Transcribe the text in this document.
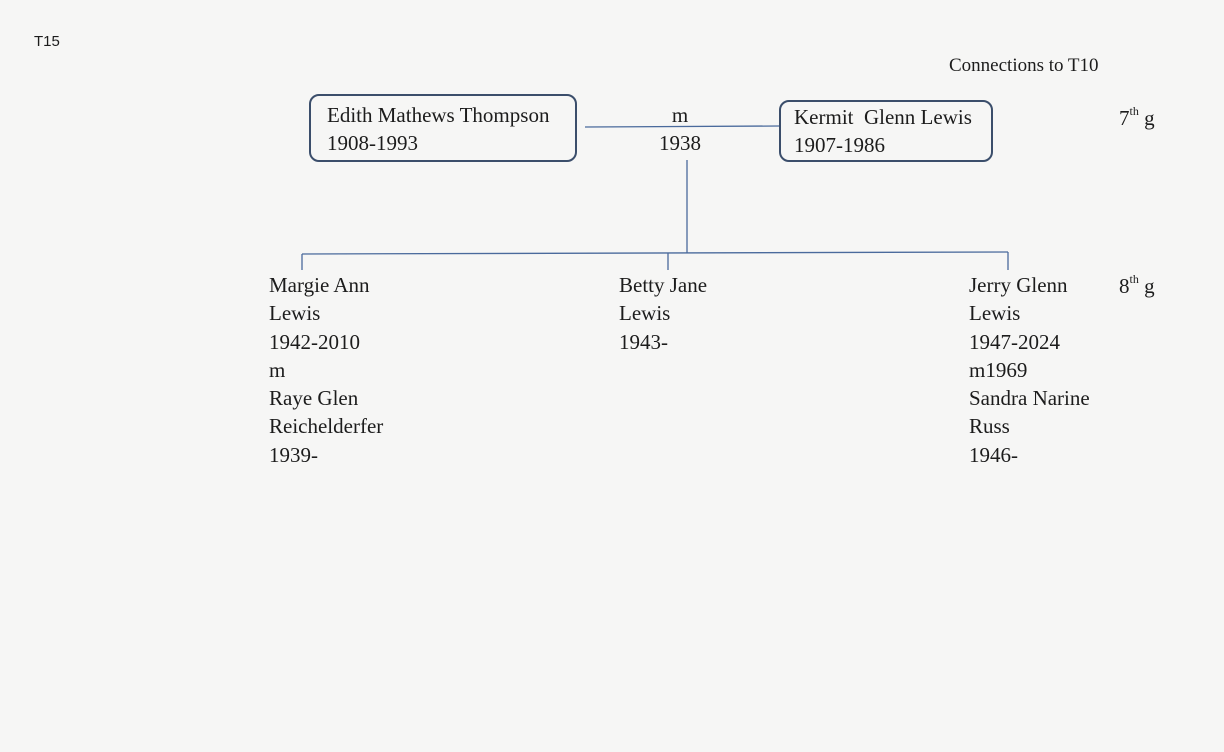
T15
Connections to T10
Edith Mathews Thompson
1908-1993
m
1938
Kermit  Glenn Lewis
1907-1986
7th g
8th g
Margie Ann
Lewis
1942-2010
m
Raye Glen
Reichelderfer
1939-
Betty Jane
Lewis
1943-
Jerry Glenn
Lewis
1947-2024
m1969
Sandra Narine
Russ
1946-
